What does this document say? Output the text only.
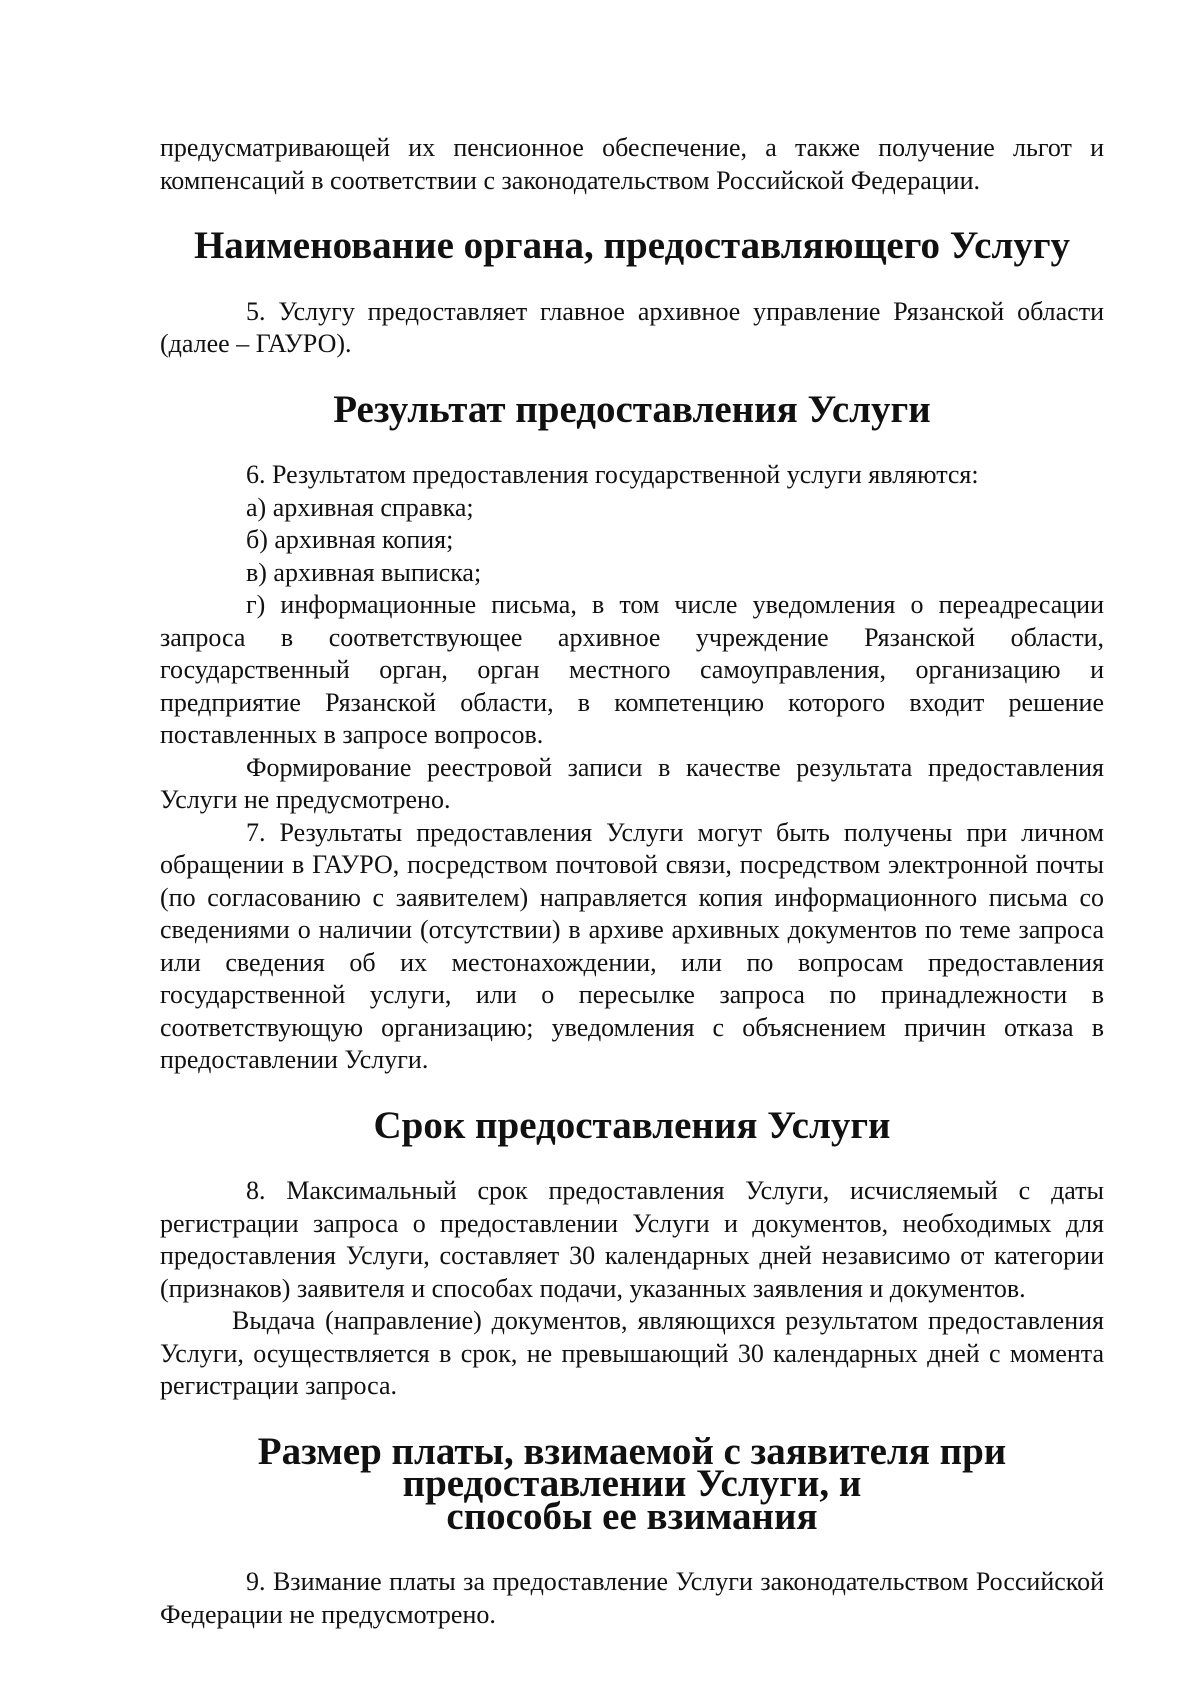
предусматривающей их пенсионное обеспечение, а также получение льгот и компенсаций в соответствии с законодательством Российской Федерации.

Наименование органа, предоставляющего Услугу

5. Услугу предоставляет главное архивное управление Рязанской области (далее – ГАУРО).

Результат предоставления Услуги

6. Результатом предоставления государственной услуги являются:

а) архивная справка;

б) архивная копия;

в) архивная выписка;

г) информационные письма, в том числе уведомления о переадресации запроса в соответствующее архивное учреждение Рязанской области, государственный орган, орган местного самоуправления, организацию и предприятие Рязанской области, в компетенцию которого входит решение поставленных в запросе вопросов.

Формирование реестровой записи в качестве результата предоставления Услуги не предусмотрено.

7. Результаты предоставления Услуги могут быть получены при личном обращении в ГАУРО, посредством почтовой связи, посредством электронной почты (по согласованию с заявителем) направляется копия информационного письма со сведениями о наличии (отсутствии) в архиве архивных документов по теме запроса или сведения об их местонахождении, или по вопросам предоставления государственной услуги, или о пересылке запроса по принадлежности в соответствующую организацию; уведомления с объяснением причин отказа в предоставлении Услуги.

Срок предоставления Услуги

8. Максимальный срок предоставления Услуги, исчисляемый с даты регистрации запроса о предоставлении Услуги и документов, необходимых для предоставления Услуги, составляет 30 календарных дней независимо от категории (признаков) заявителя и способах подачи, указанных заявления и документов.

Выдача (направление) документов, являющихся результатом предоставления Услуги, осуществляется в срок, не превышающий 30 календарных дней с момента регистрации запроса.

Размер платы, взимаемой с заявителя при предоставлении Услуги, и
способы ее взимания

9. Взимание платы за предоставление Услуги законодательством Российской Федерации не предусмотрено.
